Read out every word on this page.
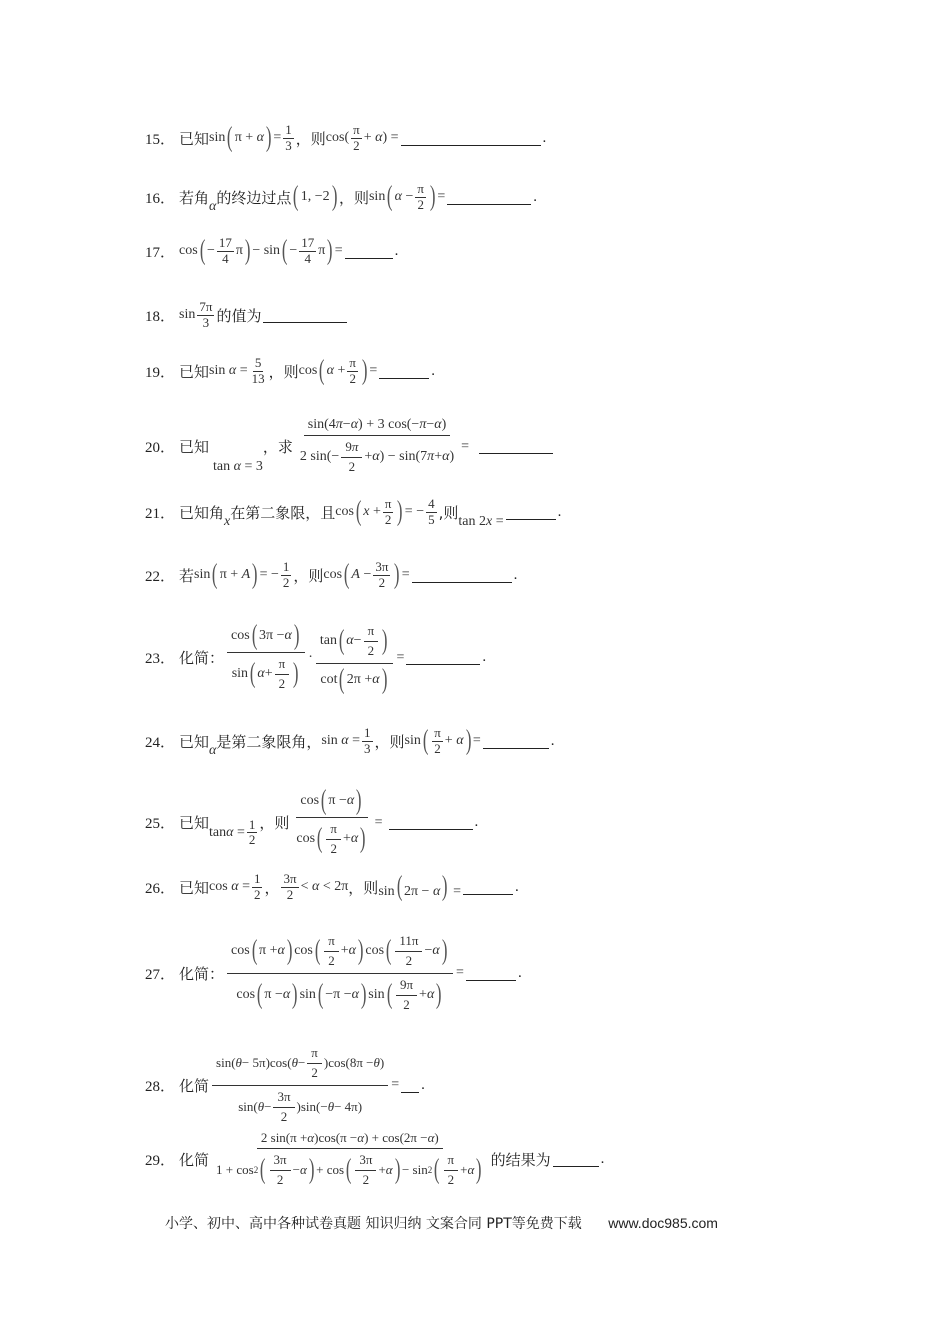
15． 已知 sin ( π + α ) = $\frac{1}{3}$ ，则 $\cos( \frac{\pi}{2} + \alpha)$ =	.
16． 若角 α 的终边过点 ( 1, −2 ) ，则 sin ( $\alpha - \frac{\pi}{2}$ ) =	.
17． cos ( − $\frac{17}{4}$ π ) − sin ( − $\frac{17}{4}$ π ) =	.
18． $\sin \frac{7\pi}{3}$ 的值为
19． 已知 $\sin \alpha = \frac{5}{13}$ ，则 cos ( $\alpha + \frac{\pi}{2}$ ) =	.
20． 已知
tan α = 3
，求 $\frac{\sin(4 \pi - \alpha ) + 3 \cos(- \pi - \alpha )}{2 \sin(- \frac{9 \pi}{2} + \alpha ) - \sin(7 \pi + \alpha )}$ =
21． 已知角 x 在第二象限，且 cos ( $x + \frac{\pi}{2}$ ) = − $\frac{4}{5}$ ,则 tan 2x =
.
22． 若 sin ( π + A ) = − $\frac{1}{2}$ ，则 cos ( $A - \frac{3\pi}{2}$ ) =	.
23． 化简：
cos ( 3π − α )
sin ( $\alpha + \frac{\pi}{2}$ )
· $\frac{\tan ( \alpha - \frac{\pi}{2} )}{\cot ( 2\pi + \alpha )}$ =	.
24． 已知 α 是第二象限角， $\sin \alpha = \frac{1}{3}$ ，则 sin ( $\frac{\pi}{2} + \alpha$ ) =	.
25． 已知 $\tan\alpha = \frac{1}{2}$ ，则 $\frac{\cos ( \pi - \alpha )}{\cos ( \frac{\pi}{2} + \alpha )}$ =	.
26． 已知 $\cos \alpha = \frac{1}{2}$ ， $\frac{3\pi}{2} < \alpha < 2\pi$ ，则 sin( 2π − α) =	.
27． 化简： $\frac{\cos ( \pi + \alpha ) \cos ( \frac{\pi}{2} + \alpha ) \cos ( \frac{11\pi}{2} - \alpha )}{\cos ( \pi - \alpha ) \sin ( -\pi - \alpha ) \sin ( \frac{9\pi}{2} + \alpha )}$ =	.
28． 化简 $\frac{\sin( \theta - 5\pi)\cos( \theta - \frac{\pi}{2} )\cos(8\pi - \theta )}{\sin( \theta - \frac{3\pi}{2} )\sin(- \theta - 4\pi)}$ = .
29． 化简
2 sin(π + α )cos(π − α ) + cos(2π − α )
1 + cos 2 ( $\frac{3\pi}{2} - \alpha$ ) + cos ( $\frac{3\pi}{2} + \alpha$ ) − sin 2 ( $\frac{\pi}{2} + \alpha$ ) 的结果为	.
小学、初中、高中各种试卷真题 知识归纳 文案合同 PPT等免费下载 www.doc985.com
